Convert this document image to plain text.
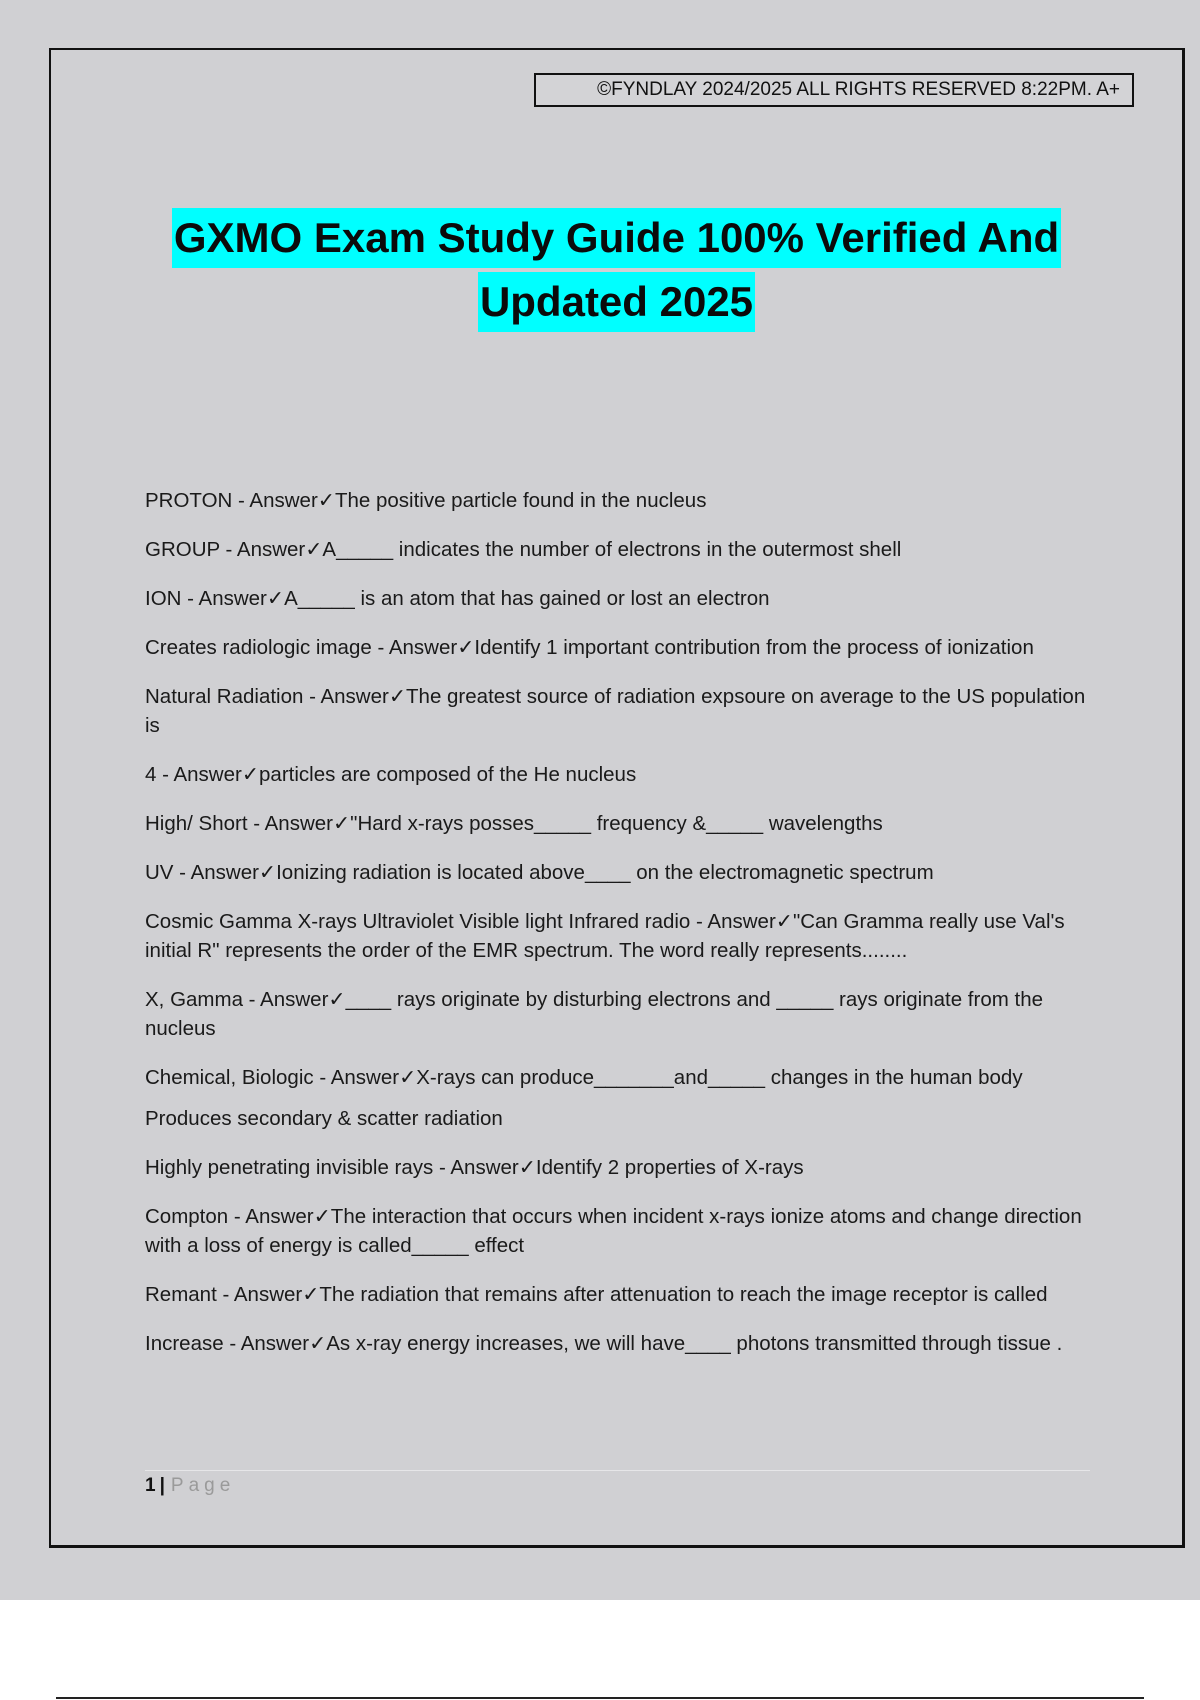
©FYNDLAY 2024/2025 ALL RIGHTS RESERVED 8:22PM. A+
GXMO Exam Study Guide 100% Verified And
Updated 2025
PROTON - Answer✓The positive particle found in the nucleus
GROUP - Answer✓A_____ indicates the number of electrons in the outermost shell
ION - Answer✓A_____ is an atom that has gained or lost an electron
Creates radiologic image - Answer✓Identify 1 important contribution from the process of ionization
Natural Radiation - Answer✓The greatest source of radiation expsoure on average to the US population is
4 - Answer✓particles are composed of the He nucleus
High/ Short - Answer✓"Hard x-rays posses_____ frequency &_____ wavelengths
UV - Answer✓Ionizing radiation is located above____ on the electromagnetic spectrum
Cosmic Gamma X-rays Ultraviolet Visible light Infrared radio - Answer✓"Can Gramma really use Val's initial R" represents the order of the EMR spectrum. The word really represents........
X, Gamma - Answer✓____ rays originate by disturbing electrons and _____ rays originate from the nucleus
Chemical, Biologic - Answer✓X-rays can produce_______and_____ changes in the human body
Produces secondary & scatter radiation
Highly penetrating invisible rays - Answer✓Identify 2 properties of X-rays
Compton - Answer✓The interaction that occurs when incident x-rays ionize atoms and change direction with a loss of energy is called_____ effect
Remant - Answer✓The radiation that remains after attenuation to reach the image receptor is called
Increase - Answer✓As x-ray energy increases, we will have____ photons transmitted through tissue .
1 | Page
